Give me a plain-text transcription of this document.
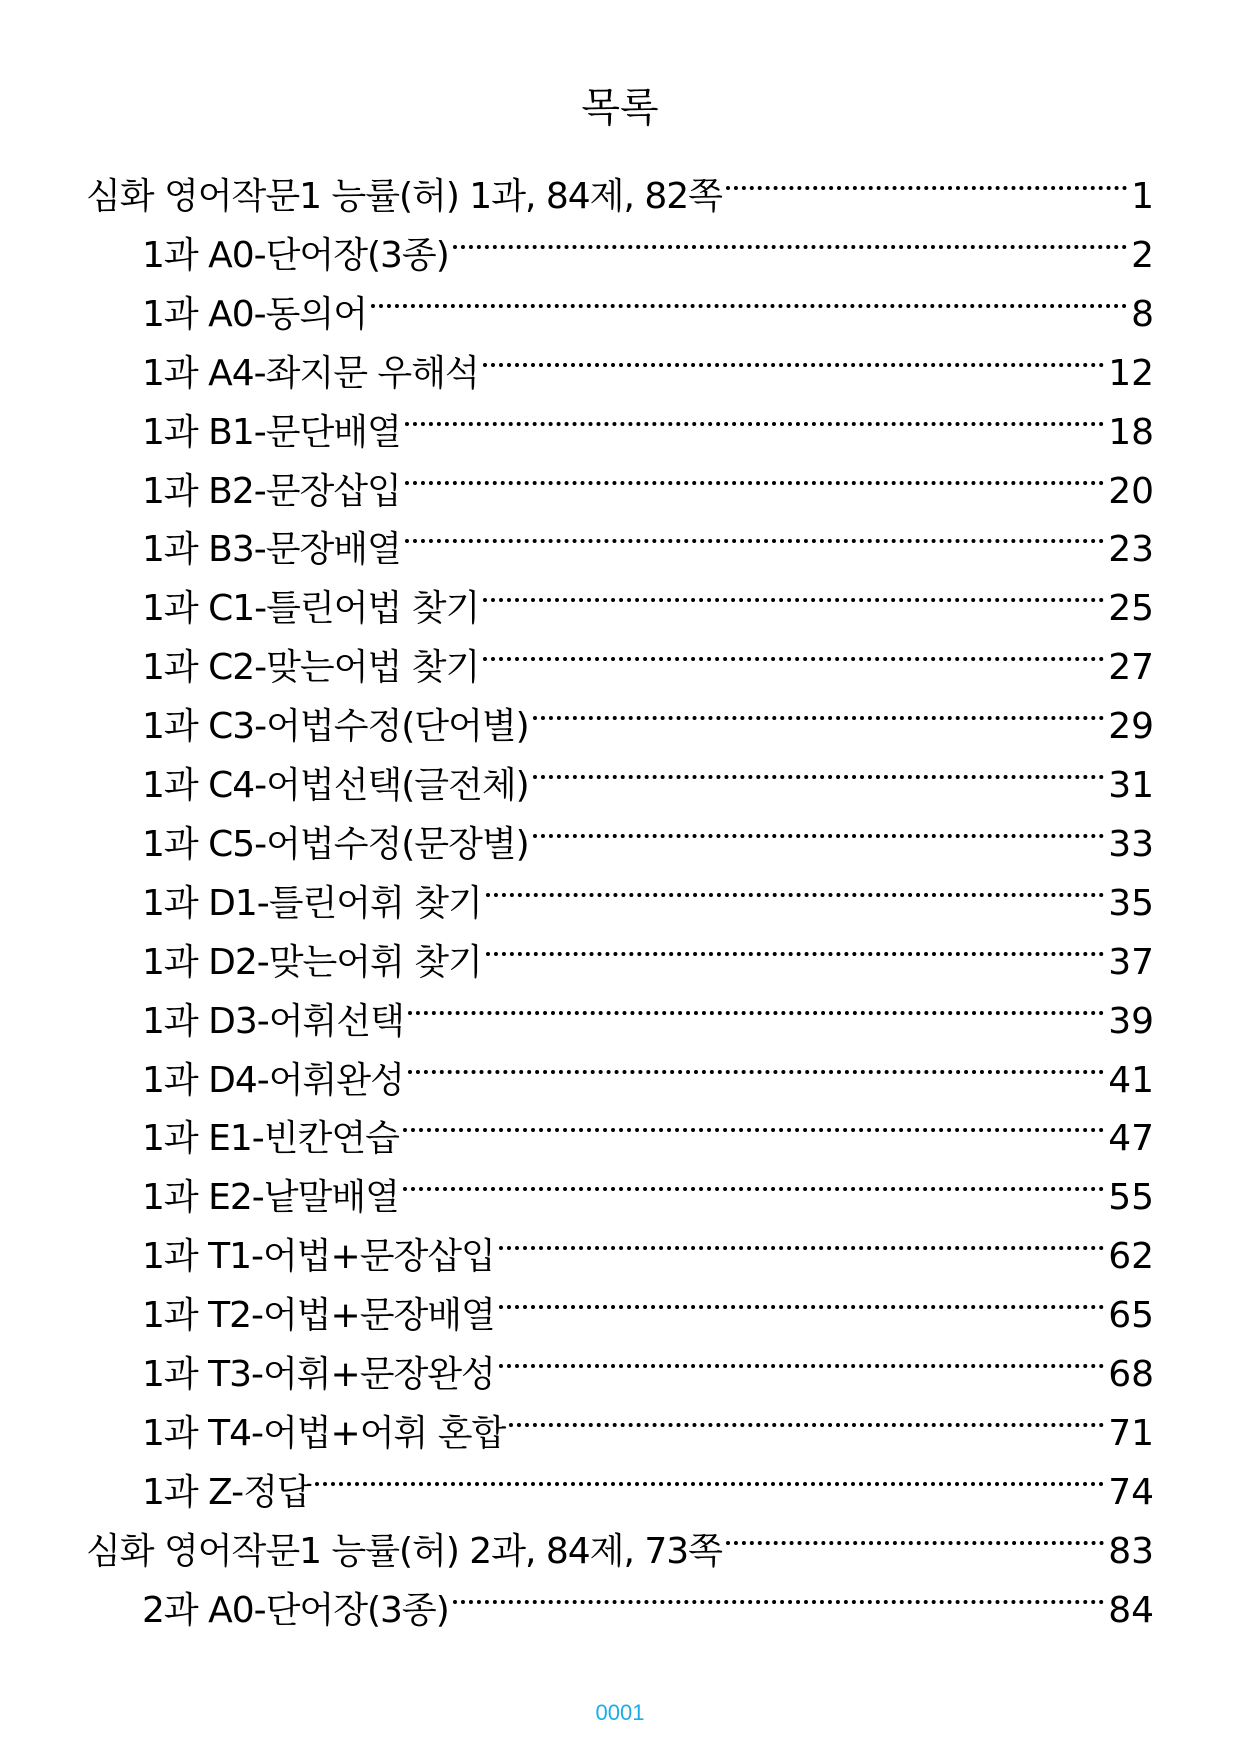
목록
심화 영어작문1 능률(허) 1과, 84제, 82쪽	1
1과 A0-단어장(3종)	2
1과 A0-동의어	8
1과 A4-좌지문 우해석	12
1과 B1-문단배열	18
1과 B2-문장삽입	20
1과 B3-문장배열	23
1과 C1-틀린어법 찾기	25
1과 C2-맞는어법 찾기	27
1과 C3-어법수정(단어별)	29
1과 C4-어법선택(글전체)	31
1과 C5-어법수정(문장별)	33
1과 D1-틀린어휘 찾기	35
1과 D2-맞는어휘 찾기	37
1과 D3-어휘선택	39
1과 D4-어휘완성	41
1과 E1-빈칸연습	47
1과 E2-낱말배열	55
1과 T1-어법+문장삽입	62
1과 T2-어법+문장배열	65
1과 T3-어휘+문장완성	68
1과 T4-어법+어휘 혼합	71
1과 Z-정답	74
심화 영어작문1 능률(허) 2과, 84제, 73쪽	83
2과 A0-단어장(3종)	84
0001
